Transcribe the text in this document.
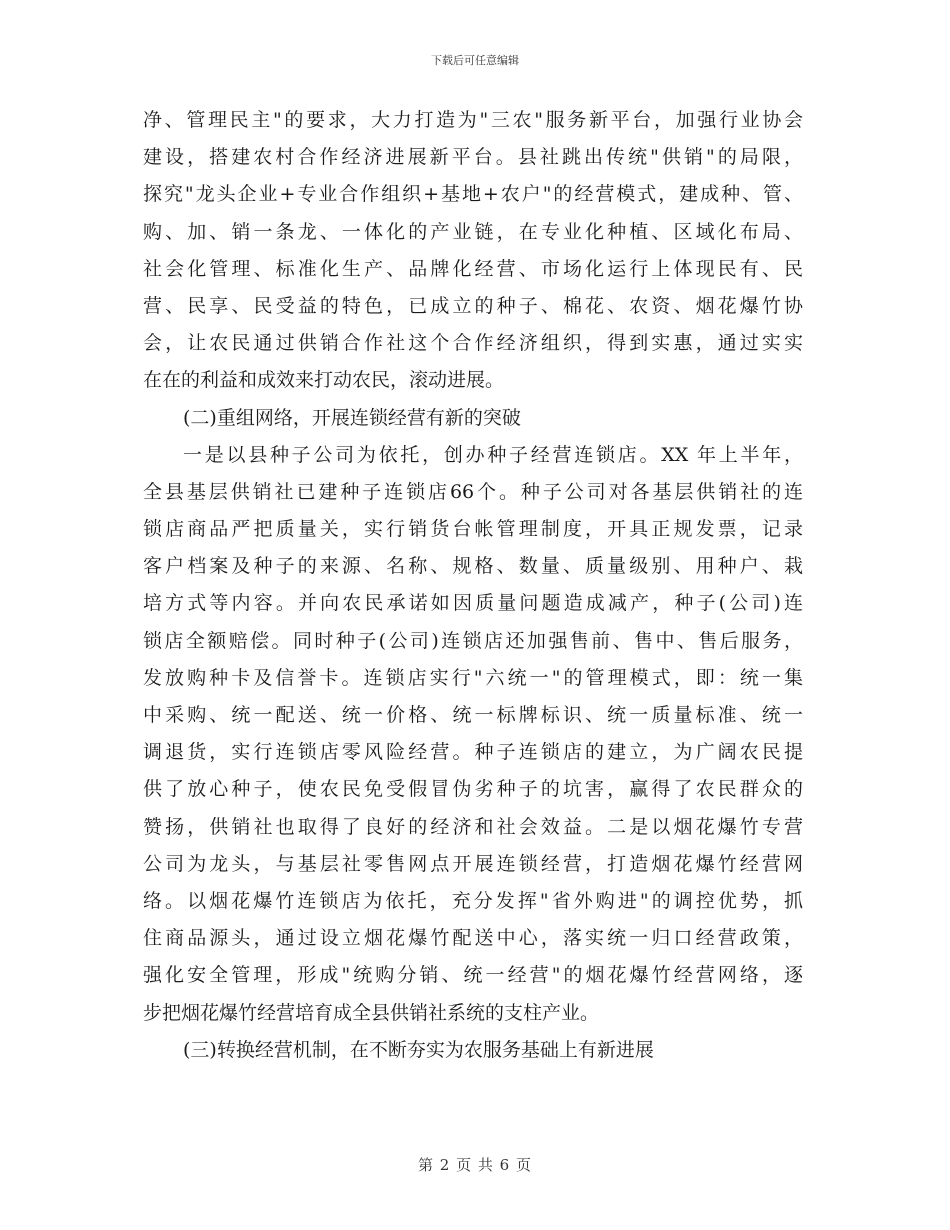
下载后可任意编辑
净、管理民主"的要求，大力打造为"三农"服务新平台，加强行业协会
建设，搭建农村合作经济进展新平台。县社跳出传统"供销"的局限，
探究"龙头企业+专业合作组织+基地+农户"的经营模式，建成种、管、
购、加、销一条龙、一体化的产业链，在专业化种植、区域化布局、
社会化管理、标准化生产、品牌化经营、市场化运行上体现民有、民
营、民享、民受益的特色，已成立的种子、棉花、农资、烟花爆竹协
会，让农民通过供销合作社这个合作经济组织，得到实惠，通过实实
在在的利益和成效来打动农民，滚动进展。
(二)重组网络，开展连锁经营有新的突破
一是以县种子公司为依托，创办种子经营连锁店。XX 年上半年，
全县基层供销社已建种子连锁店66个。种子公司对各基层供销社的连
锁店商品严把质量关，实行销货台帐管理制度，开具正规发票，记录
客户档案及种子的来源、名称、规格、数量、质量级别、用种户、栽
培方式等内容。并向农民承诺如因质量问题造成减产，种子(公司)连
锁店全额赔偿。同时种子(公司)连锁店还加强售前、售中、售后服务，
发放购种卡及信誉卡。连锁店实行"六统一"的管理模式，即：统一集
中采购、统一配送、统一价格、统一标牌标识、统一质量标准、统一
调退货，实行连锁店零风险经营。种子连锁店的建立，为广阔农民提
供了放心种子，使农民免受假冒伪劣种子的坑害，赢得了农民群众的
赞扬，供销社也取得了良好的经济和社会效益。二是以烟花爆竹专营
公司为龙头，与基层社零售网点开展连锁经营，打造烟花爆竹经营网
络。以烟花爆竹连锁店为依托，充分发挥"省外购进"的调控优势，抓
住商品源头，通过设立烟花爆竹配送中心，落实统一归口经营政策，
强化安全管理，形成"统购分销、统一经营"的烟花爆竹经营网络，逐
步把烟花爆竹经营培育成全县供销社系统的支柱产业。
(三)转换经营机制，在不断夯实为农服务基础上有新进展
第 2 页 共 6 页
